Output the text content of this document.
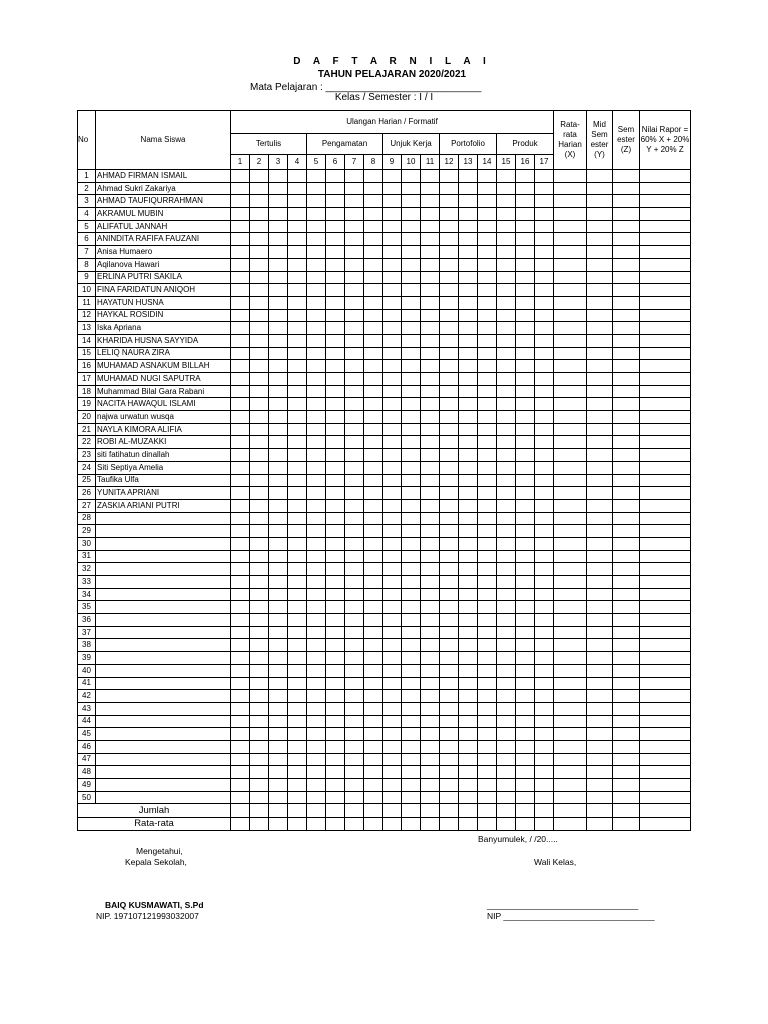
D A F T A R N I L A I
TAHUN PELAJARAN 2020/2021
Mata Pelajaran : ____________________________
Kelas / Semester : I / I
No	Nama Siswa	Ulangan Harian / Formatif																	Rata-rata Harian (X)	Mid Sem ester (Y)	Sem ester (Z)	Nilai Rapor = 60% X + 20% Y + 20% Z
		Tertulis				Pengamatan				Unjuk Kerja			Portofolio			Produk						
		1	2	3	4	5	6	7	8	9	10	11	12	13	14	15	16	17				
1	AHMAD FIRMAN ISMAIL																					
2	Ahmad Sukri Zakariya																					
3	AHMAD TAUFIQURRAHMAN																					
4	AKRAMUL MUBIN																					
5	ALIFATUL JANNAH																					
6	ANINDITA RAFIFA FAUZANI																					
7	Anisa Humaero																					
8	Aqilanova Hawari																					
9	ERLINA PUTRI SAKILA																					
10	FINA FARIDATUN ANIQOH																					
11	HAYATUN HUSNA																					
12	HAYKAL ROSIDIN																					
13	Iska Apriana																					
14	KHARIDA HUSNA SAYYIDA																					
15	LELIQ NAURA ZIRA																					
16	MUHAMAD ASNAKUM BILLAH																					
17	MUHAMAD NUGI SAPUTRA																					
18	Muhammad Bilal Gara Rabani																					
19	NACITA HAWAQUL ISLAMI																					
20	najwa urwatun wusqa																					
21	NAYLA KIMORA ALIFIA																					
22	ROBI AL-MUZAKKI																					
23	siti fatihatun dinallah																					
24	Siti Septiya Amelia																					
25	Taufika Ulfa																					
26	YUNITA APRIANI																					
27	ZASKIA ARIANI PUTRI																					
28																						
29																						
30																						
31																						
32																						
33																						
34																						
35																						
36																						
37																						
38																						
39																						
40																						
41																						
42																						
43																						
44																						
45																						
46																						
47																						
48																						
49																						
50																						
Jumlah																						
Rata-rata																						
Banyumulek, / /20.....
Mengetahui,
Kepala Sekolah,	Wali Kelas,
BAIQ KUSMAWATI, S.Pd
NIP. 197107121993032007
________________________________
NIP ________________________________
